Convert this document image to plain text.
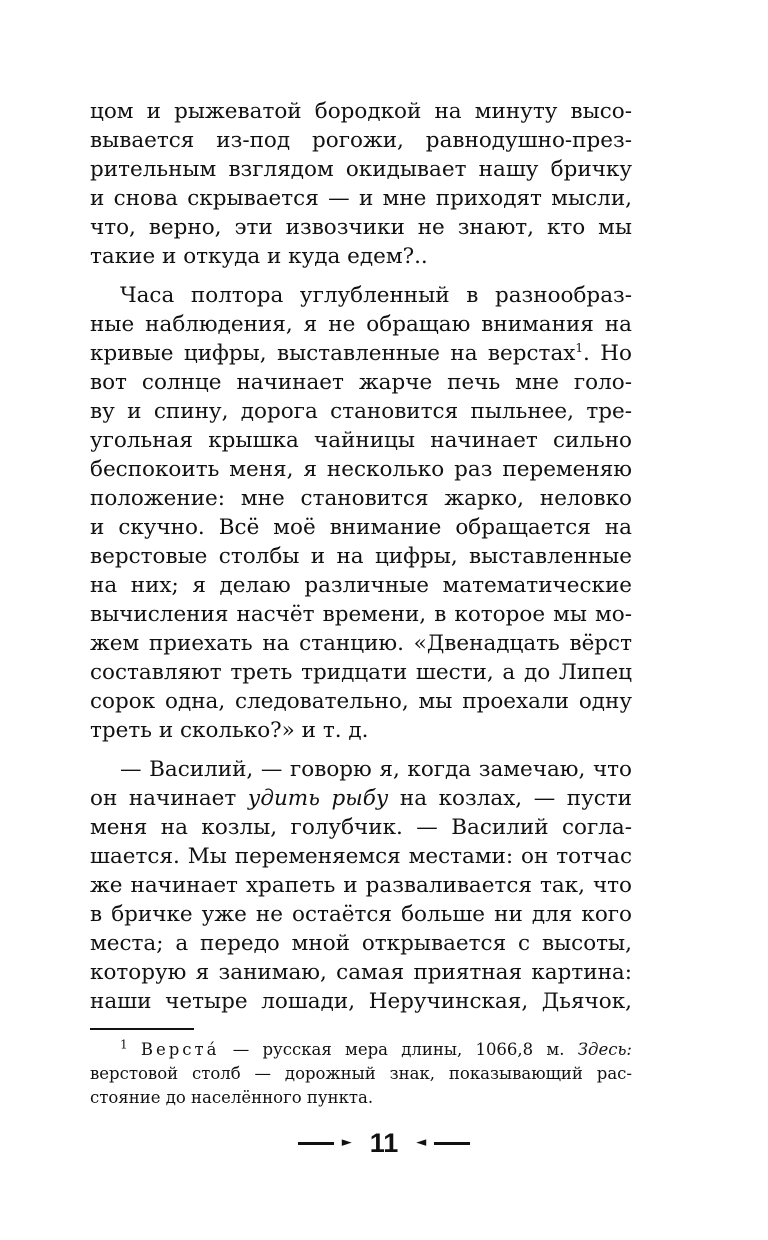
цом и рыжеватой бородкой на минуту высо-
вывается из-под рогожи, равнодушно-през-
рительным взглядом окидывает нашу бричку
и снова скрывается — и мне приходят мысли,
что, верно, эти извозчики не знают, кто мы
такие и откуда и куда едем?..
Часа полтора углубленный в разнообраз-
ные наблюдения, я не обращаю внимания на
кривые цифры, выставленные на верстах$^1$. Но
вот солнце начинает жарче печь мне голо-
ву и спину, дорога становится пыльнее, тре-
угольная крышка чайницы начинает сильно
беспокоить меня, я несколько раз переменяю
положение: мне становится жарко, неловко
и скучно. Всё моё внимание обращается на
верстовые столбы и на цифры, выставленные
на них; я делаю различные математические
вычисления насчёт времени, в которое мы мо-
жем приехать на станцию. «Двенадцать вёрст
составляют треть тридцати шести, а до Липец
сорок одна, следовательно, мы проехали одну
треть и сколько?» и т. д.
— Василий, — говорю я, когда замечаю, что
он начинает удить рыбу на козлах, — пусти
меня на козлы, голубчик. — Василий согла-
шается. Мы переменяемся местами: он тотчас
же начинает храпеть и разваливается так, что
в бричке уже не остаётся больше ни для кого
места; а передо мной открывается с высоты,
которую я занимаю, самая приятная картина:
наши четыре лошади, Неручинская, Дьячок,
$^1$ Верста́ — русская мера длины, 1066,8 м. Здесь:
верстовой столб — дорожный знак, показывающий рас-
стояние до населённого пункта.
► 11	◄
